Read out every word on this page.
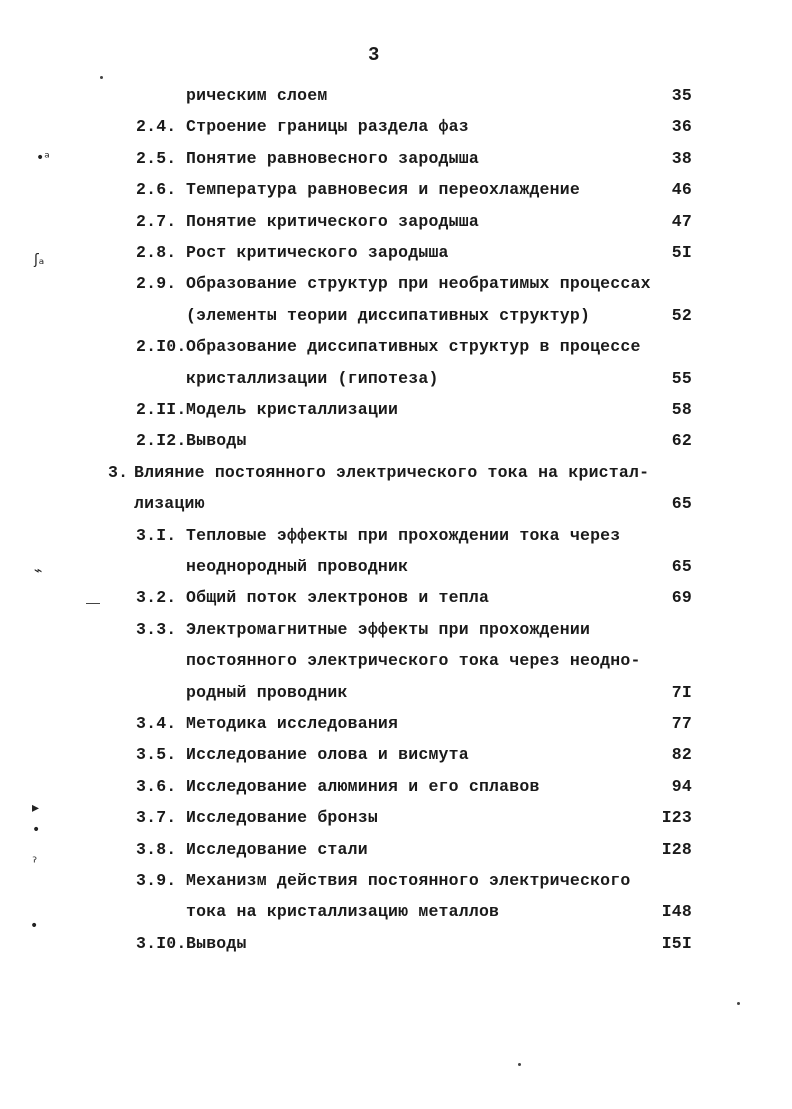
3
рическим слоем	35
2.4. Строение границы раздела фаз	36
2.5. Понятие равновесного зародыша	38
2.6. Температура равновесия и переохлаждение	46
2.7. Понятие критического зародыша	47
2.8. Рост критического зародыша	5I
2.9. Образование структур при необратимых процессах
(элементы теории диссипативных структур)	52
2.I0. Образование диссипативных структур в процессе
кристаллизации (гипотеза)	55
2.II. Модель кристаллизации	58
2.I2. Выводы	62
3. Влияние постоянного электрического тока на кристал-
лизацию	65
3.I. Тепловые эффекты при прохождении тока через
неоднородный проводник	65
3.2. Общий поток электронов и тепла	69
3.3. Электромагнитные эффекты при прохождении
постоянного электрического тока через неодно-
родный проводник	7I
3.4. Методика исследования	77
3.5. Исследование олова и висмута	82
3.6. Исследование алюминия и его сплавов	94
3.7. Исследование бронзы	I23
3.8. Исследование стали	I28
3.9. Механизм действия постоянного электрического
тока на кристаллизацию металлов	I48
3.I0. Выводы	I5I
•ᵃ
ʃₐ
⌁
▸
•
ˀ
•
